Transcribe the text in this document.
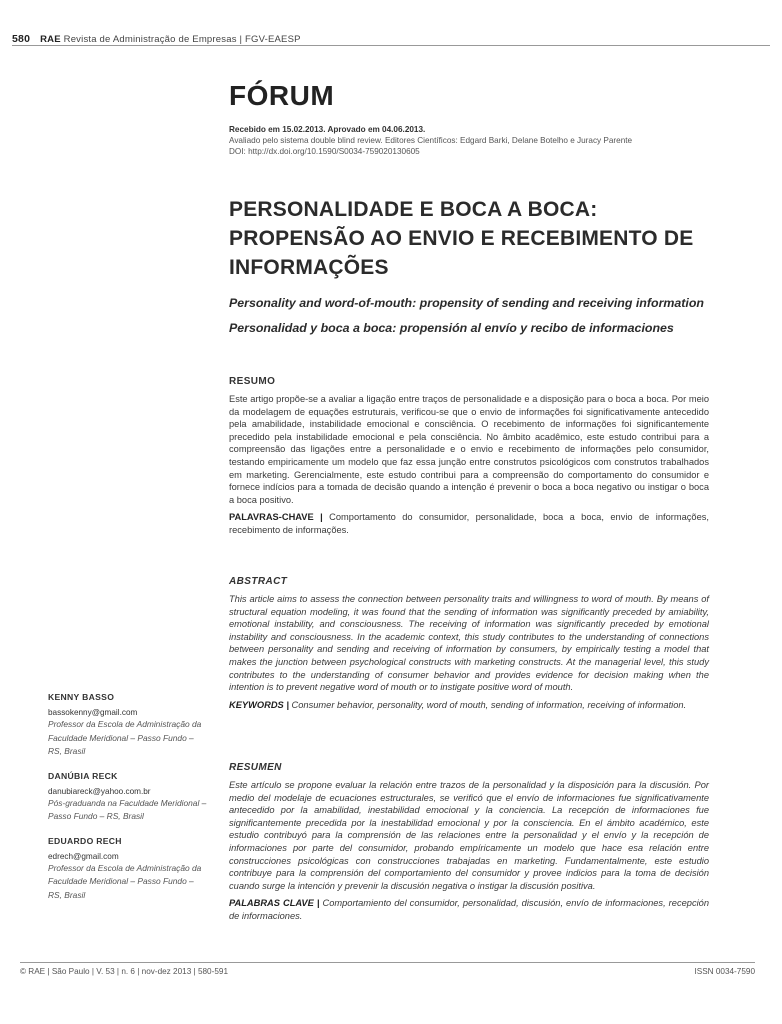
580 RAE Revista de Administração de Empresas | FGV-EAESP
FÓRUM
Recebido em 15.02.2013. Aprovado em 04.06.2013.
Avaliado pelo sistema double blind review. Editores Científicos: Edgard Barki, Delane Botelho e Juracy Parente
DOI: http://dx.doi.org/10.1590/S0034-759020130605
PERSONALIDADE E BOCA A BOCA: PROPENSÃO AO ENVIO E RECEBIMENTO DE INFORMAÇÕES
Personality and word-of-mouth: propensity of sending and receiving information
Personalidad y boca a boca: propensión al envío y recibo de informaciones
RESUMO

Este artigo propõe-se a avaliar a ligação entre traços de personalidade e a disposição para o boca a boca. Por meio da modelagem de equações estruturais, verificou-se que o envio de informações foi significativamente antecedido pela amabilidade, instabilidade emocional e consciência. O recebimento de informações foi significantemente precedido pela instabilidade emocional e pela consciência. No âmbito acadêmico, este estudo contribui para a compreensão das ligações entre a personalidade e o envio e recebimento de informações pelo consumidor, testando empiricamente um modelo que faz essa junção entre construtos psicológicos com construtos trabalhados em marketing. Gerencialmente, este estudo contribui para a compreensão do comportamento do consumidor e fornece indícios para a tomada de decisão quando a intenção é prevenir o boca a boca negativo ou instigar o boca a boca positivo.

PALAVRAS-CHAVE | Comportamento do consumidor, personalidade, boca a boca, envio de informações, recebimento de informações.

ABSTRACT

This article aims to assess the connection between personality traits and willingness to word of mouth. By means of structural equation modeling, it was found that the sending of information was significantly preceded by amiability, emotional instability, and consciousness. The receiving of information was significantly preceded by emotional instability and consciousness. In the academic context, this study contributes to the understanding of connections between personality and sending and receiving of information by consumers, by empirically testing a model that makes the junction between psychological constructs with marketing constructs. At the managerial level, this study contributes to the understanding of consumer behavior and provides evidence for decision making when the intention is to prevent negative word of mouth or to instigate positive word of mouth.

KEYWORDS | Consumer behavior, personality, word of mouth, sending of information, receiving of information.

RESUMEN

Este artículo se propone evaluar la relación entre trazos de la personalidad y la disposición para la discusión. Por medio del modelaje de ecuaciones estructurales, se verificó que el envío de informaciones fue significativamente antecedido por la amabilidad, inestabilidad emocional y la conciencia. La recepción de informaciones fue significantemente precedida por la inestabilidad emocional y por la consciencia. En el ámbito académico, este estudio contribuyó para la comprensión de las relaciones entre la personalidad y el envío y la recepción de informaciones por parte del consumidor, probando empíricamente un modelo que hace esa relación entre construcciones psicológicas con construcciones trabajadas en marketing. Fundamentalmente, este estudio contribuye para la comprensión del comportamiento del consumidor y provee indicios para la toma de decisión cuando surge la intención y prevenir la discusión negativa o instigar la discusión positiva.

PALABRAS CLAVE | Comportamiento del consumidor, personalidad, discusión, envío de informaciones, recepción de informaciones.

KENNY BASSO
bassokenny@gmail.com
Professor da Escola de Administração da Faculdade Meridional – Passo Fundo – RS, Brasil
DANÚBIA RECK
danubiareck@yahoo.com.br
Pós-graduanda na Faculdade Meridional – Passo Fundo – RS, Brasil
EDUARDO RECH
edrech@gmail.com
Professor da Escola de Administração da Faculdade Meridional – Passo Fundo – RS, Brasil
© RAE | São Paulo | V. 53 | n. 6 | nov-dez 2013 | 580-591	ISSN 0034-7590
